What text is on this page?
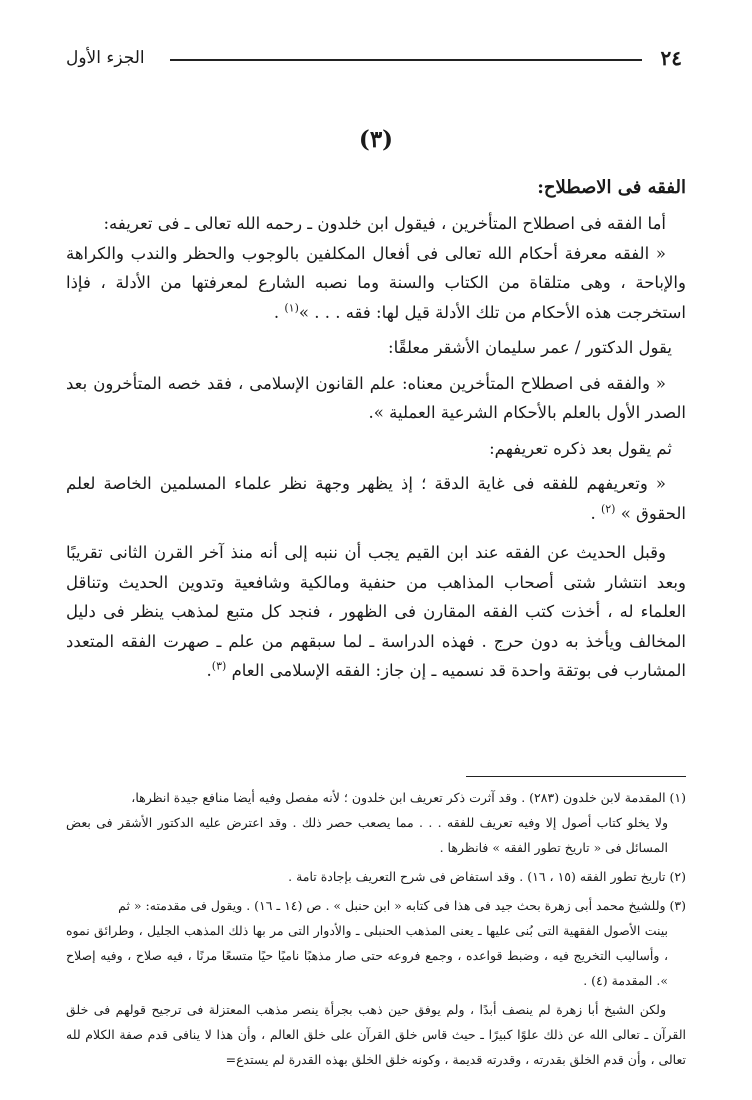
٢٤
الجزء الأول
(٣)
الفقه فى الاصطلاح:

أما الفقه فى اصطلاح المتأخرين ، فيقول ابن خلدون ـ رحمه الله تعالى ـ فى تعريفه:

« الفقه معرفة أحكام الله تعالى فى أفعال المكلفين بالوجوب والحظر والندب والكراهة والإباحة ، وهى متلقاة من الكتاب والسنة وما نصبه الشارع لمعرفتها من الأدلة ، فإذا استخرجت هذه الأحكام من تلك الأدلة قيل لها: فقه . . . »$^{(١)}$ .

يقول الدكتور / عمر سليمان الأشقر معلقًا:

« والفقه فى اصطلاح المتأخرين معناه: علم القانون الإسلامى ، فقد خصه المتأخرون بعد الصدر الأول بالعلم بالأحكام الشرعية العملية ».

ثم يقول بعد ذكره تعريفهم:

« وتعريفهم للفقه فى غاية الدقة ؛ إذ يظهر وجهة نظر علماء المسلمين الخاصة لعلم الحقوق » $^{(٢)}$ .

وقبل الحديث عن الفقه عند ابن القيم يجب أن ننبه إلى أنه منذ آخر القرن الثانى تقريبًا وبعد انتشار شتى أصحاب المذاهب من حنفية ومالكية وشافعية وتدوين الحديث وتناقل العلماء له ، أخذت كتب الفقه المقارن فى الظهور ، فنجد كل متبع لمذهب ينظر فى دليل المخالف ويأخذ به دون حرج . فهذه الدراسة ـ لما سبقهم من علم ـ صهرت الفقه المتعدد المشارب فى بوتقة واحدة قد نسميه ـ إن جاز: الفقه الإسلامى العام $^{(٣)}$.

(١) المقدمة لابن خلدون (٢٨٣) . وقد آثرت ذكر تعريف ابن خلدون ؛ لأنه مفصل وفيه أيضا منافع جيدة انظرها،

ولا يخلو كتاب أصول إلا وفيه تعريف للفقه . . . مما يصعب حصر ذلك . وقد اعترض عليه الدكتور الأشقر فى بعض المسائل فى « تاريخ تطور الفقه » فانظرها .

(٢) تاريخ تطور الفقه (١٥ ، ١٦) . وقد استفاض فى شرح التعريف بإجادة تامة .

(٣) وللشيخ محمد أبى زهرة بحث جيد فى هذا فى كتابه « ابن حنبل » . ص (١٤ ـ ١٦) . ويقول فى مقدمته: « ثم

بينت الأصول الفقهية التى بُنى عليها ـ يعنى المذهب الحنبلى ـ والأدوار التى مر بها ذلك المذهب الجليل ، وطرائق نموه ، وأساليب التخريج فيه ، وضبط قواعده ، وجمع فروعه حتى صار مذهبًا ناميًا حيًا متسعًا مرنًا ، فيه صلاح ، وفيه إصلاح ». المقدمة (٤) .

ولكن الشيخ أبا زهرة لم ينصف أبدًا ، ولم يوفق حين ذهب بجرأة ينصر مذهب المعتزلة فى ترجيح قولهم فى خلق القرآن ـ تعالى الله عن ذلك علوًا كبيرًا ـ حيث قاس خلق القرآن على خلق العالم ، وأن هذا لا ينافى قدم صفة الكلام لله تعالى ، وأن قدم الخلق بقدرته ، وقدرته قديمة ، وكونه خلق الخلق بهذه القدرة لم يستدع=
